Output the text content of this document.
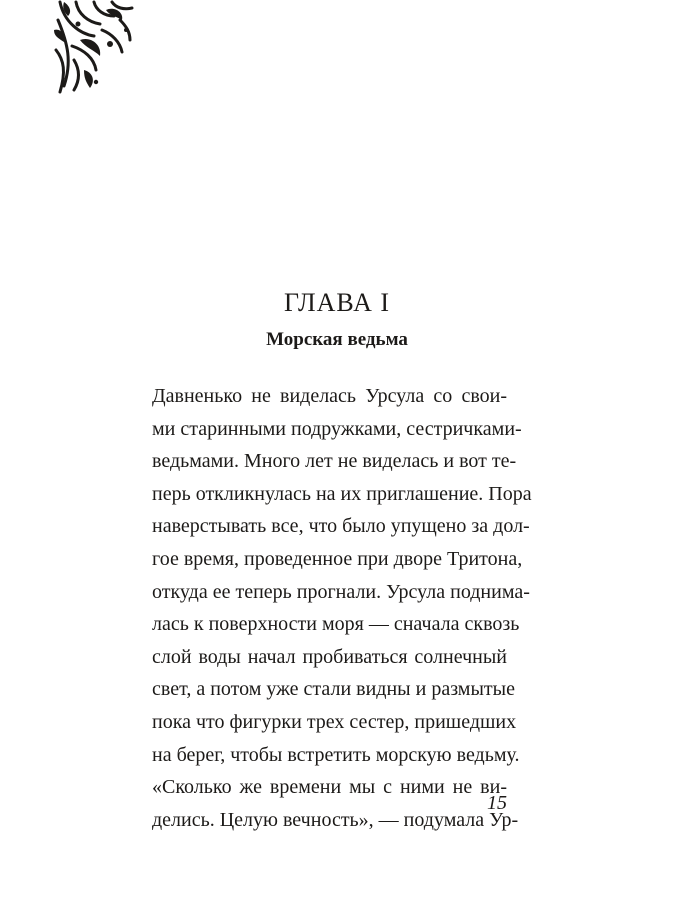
ГЛАВА I
Морская ведьма
Давненько не виделась Урсула со свои-
ми старинными подружками, сестричками-
ведьмами. Много лет не виделась и вот те-
перь откликнулась на их приглашение. Пора
наверстывать все, что было упущено за дол-
гое время, проведенное при дворе Тритона,
откуда ее теперь прогнали. Урсула поднима-
лась к поверхности моря — сначала сквозь
слой воды начал пробиваться солнечный
свет, а потом уже стали видны и размытые
пока что фигурки трех сестер, пришедших
на берег, чтобы встретить морскую ведьму.
«Сколько же времени мы с ними не ви-
делись. Целую вечность», — подумала Ур-
15
